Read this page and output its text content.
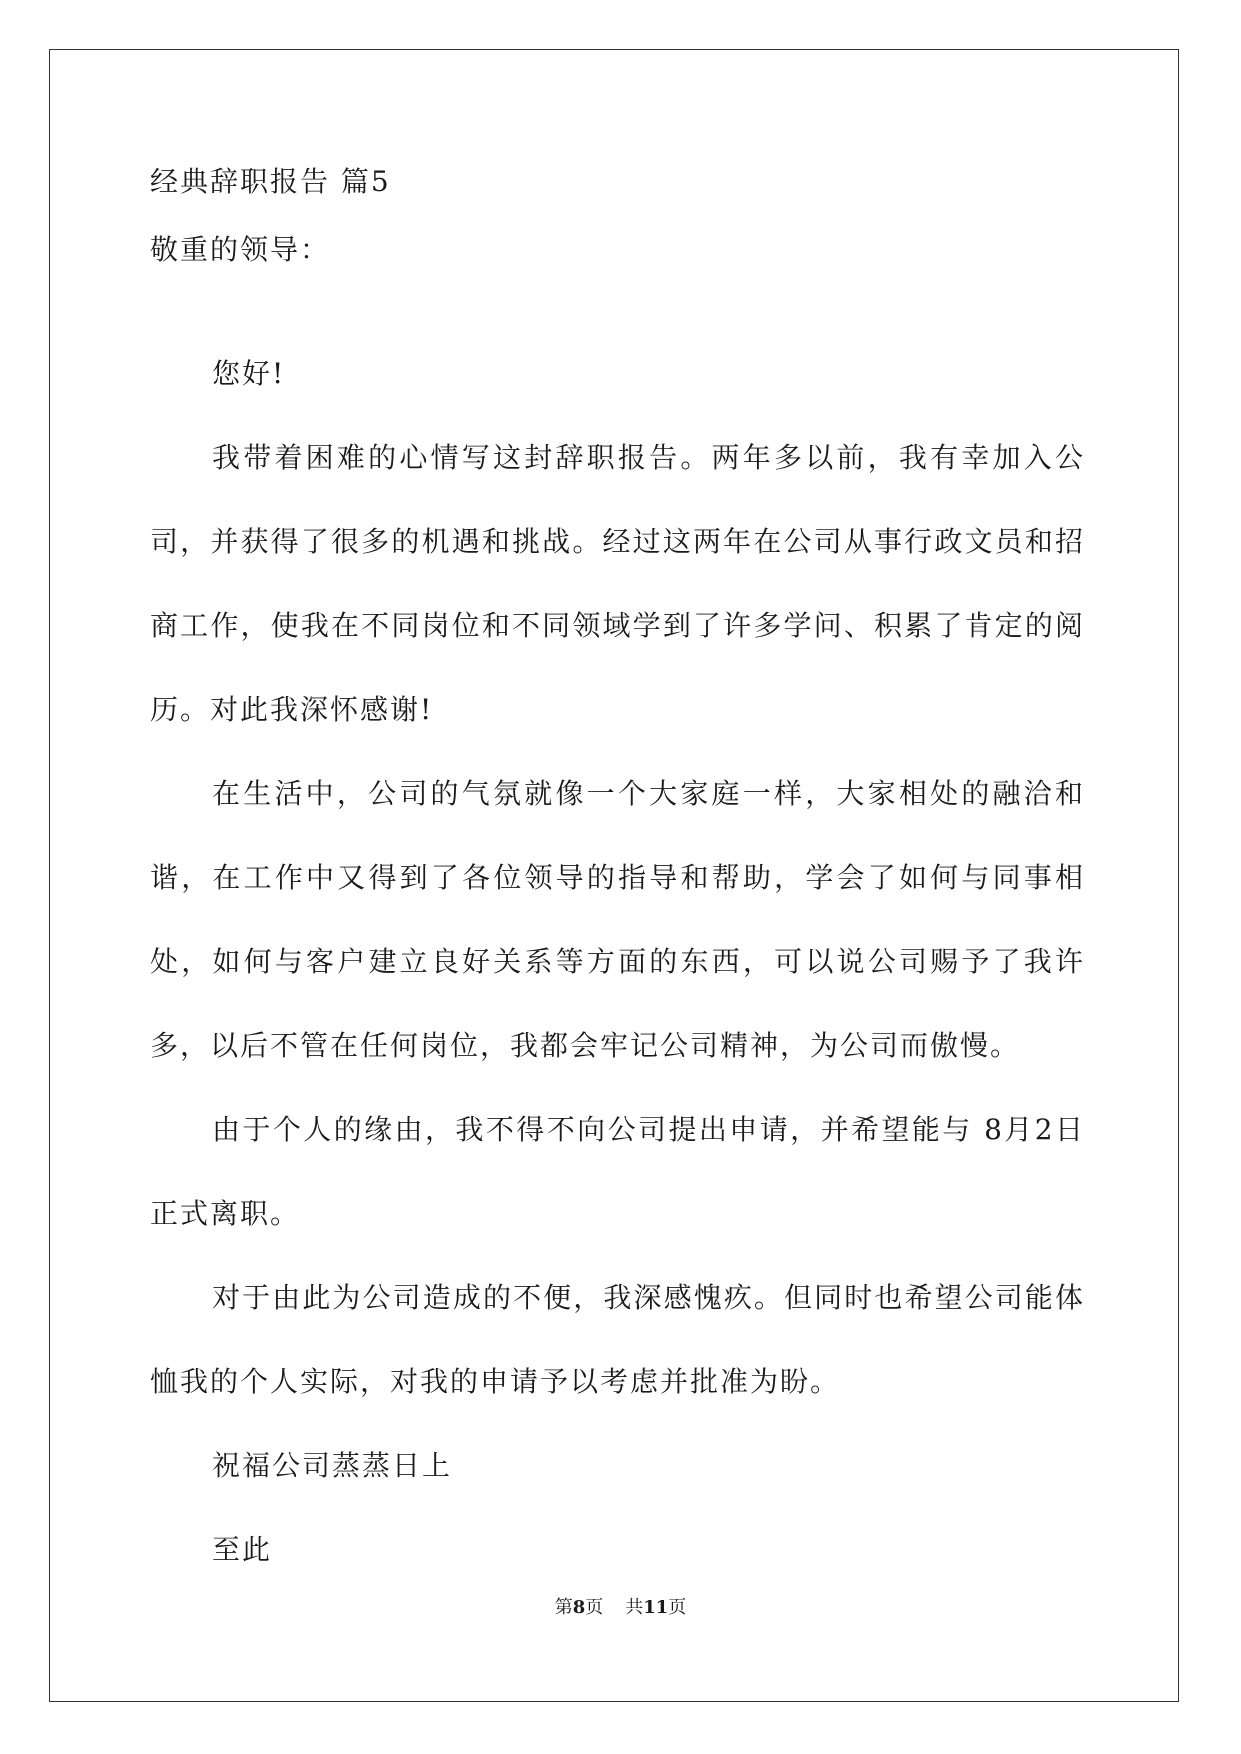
经典辞职报告 篇5

敬重的领导：

您好!

我带着困难的心情写这封辞职报告。两年多以前，我有幸加入公司，并获得了很多的机遇和挑战。经过这两年在公司从事行政文员和招商工作，使我在不同岗位和不同领域学到了许多学问、积累了肯定的阅历。对此我深怀感谢!

在生活中，公司的气氛就像一个大家庭一样，大家相处的融洽和谐，在工作中又得到了各位领导的指导和帮助，学会了如何与同事相处，如何与客户建立良好关系等方面的东西，可以说公司赐予了我许多，以后不管在任何岗位，我都会牢记公司精神，为公司而傲慢。

由于个人的缘由，我不得不向公司提出申请，并希望能与 8月2日正式离职。

对于由此为公司造成的不便，我深感愧疚。但同时也希望公司能体恤我的个人实际，对我的申请予以考虑并批准为盼。

祝福公司蒸蒸日上

至此

第8页 共11页
